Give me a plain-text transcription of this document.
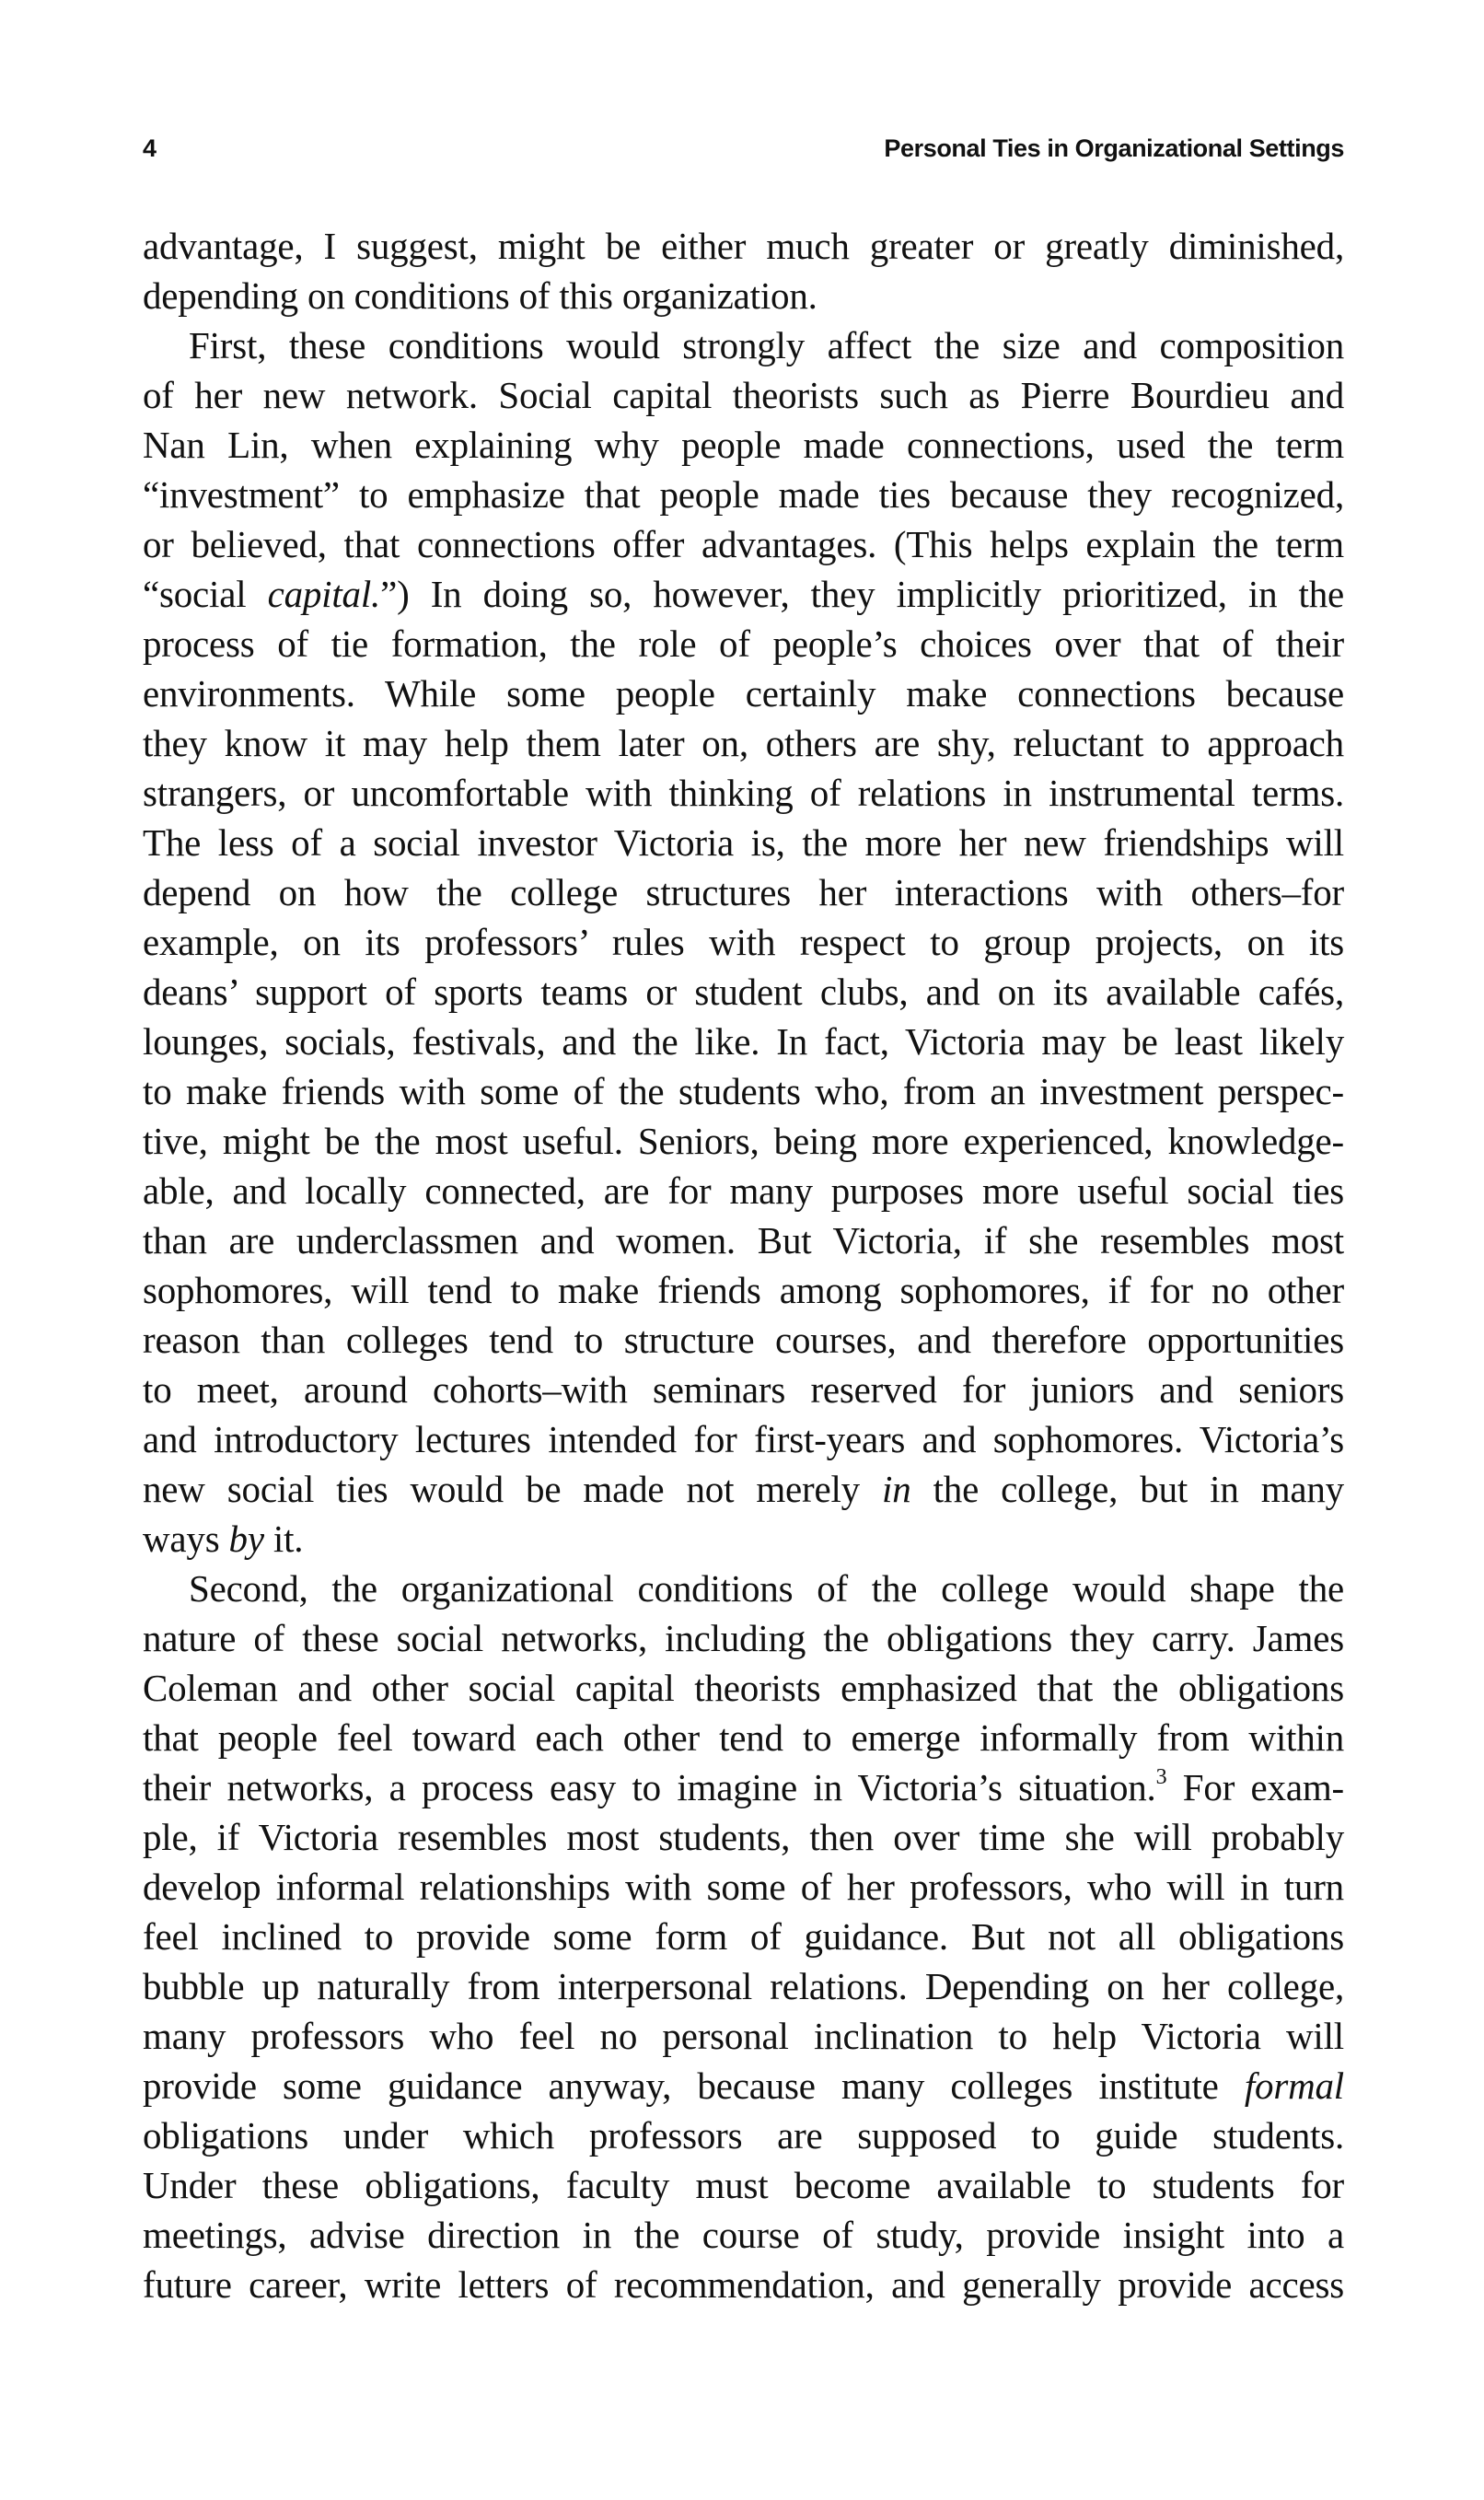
4	Personal Ties in Organizational Settings
advantage, I suggest, might be either much greater or greatly diminished,
depending on conditions of this organization.
First, these conditions would strongly affect the size and composition
of her new network. Social capital theorists such as Pierre Bourdieu and
Nan Lin, when explaining why people made connections, used the term
“investment” to emphasize that people made ties because they recognized,
or believed, that connections offer advantages. (This helps explain the term
“social capital.”) In doing so, however, they implicitly prioritized, in the
process of tie formation, the role of people’s choices over that of their
environments. While some people certainly make connections because
they know it may help them later on, others are shy, reluctant to approach
strangers, or uncomfortable with thinking of relations in instrumental terms.
The less of a social investor Victoria is, the more her new friendships will
depend on how the college structures her interactions with others–for
example, on its professors’ rules with respect to group projects, on its
deans’ support of sports teams or student clubs, and on its available cafés,
lounges, socials, festivals, and the like. In fact, Victoria may be least likely
to make friends with some of the students who, from an investment perspec-
tive, might be the most useful. Seniors, being more experienced, knowledge-
able, and locally connected, are for many purposes more useful social ties
than are underclassmen and women. But Victoria, if she resembles most
sophomores, will tend to make friends among sophomores, if for no other
reason than colleges tend to structure courses, and therefore opportunities
to meet, around cohorts–with seminars reserved for juniors and seniors
and introductory lectures intended for first-years and sophomores. Victoria’s
new social ties would be made not merely in the college, but in many
ways by it.
Second, the organizational conditions of the college would shape the
nature of these social networks, including the obligations they carry. James
Coleman and other social capital theorists emphasized that the obligations
that people feel toward each other tend to emerge informally from within
their networks, a process easy to imagine in Victoria’s situation.$^3$ For exam-
ple, if Victoria resembles most students, then over time she will probably
develop informal relationships with some of her professors, who will in turn
feel inclined to provide some form of guidance. But not all obligations
bubble up naturally from interpersonal relations. Depending on her college,
many professors who feel no personal inclination to help Victoria will
provide some guidance anyway, because many colleges institute formal
obligations under which professors are supposed to guide students.
Under these obligations, faculty must become available to students for
meetings, advise direction in the course of study, provide insight into a
future career, write letters of recommendation, and generally provide access
